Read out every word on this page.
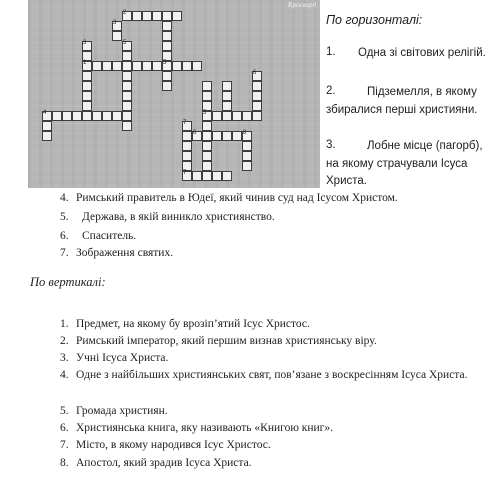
Кросворд
2
3
3	5
1	5
6
4	5
6	8
7
7
По горизонталі:
1.	Одна зі світових релігій.
2.	Підземелля, в якому збиралися перші християни.
3.	Лобне місце (пагорб), на якому страчували Ісуса Христа.
4. Римський правитель в Юдеї, який чинив суд над Ісусом Христом.
5.	Держава, в якій виникло християнство.
6.	Спаситель.
7. Зображення святих.
По вертикалі:
1. Предмет, на якому бу врозіп’ятий Ісус Христос.
2. Римський імператор, який першим визнав християнську віру.
3. Учні Ісуса Христа.
4. Одне з найбільших християнських свят, пов’язане з воскресінням Ісуса Христа.
5. Громада християн.
6. Християнська книга, яку називають «Книгою книг».
7. Місто, в якому народився Ісус Христос.
8. Апостол, який зрадив Ісуса Христа.
